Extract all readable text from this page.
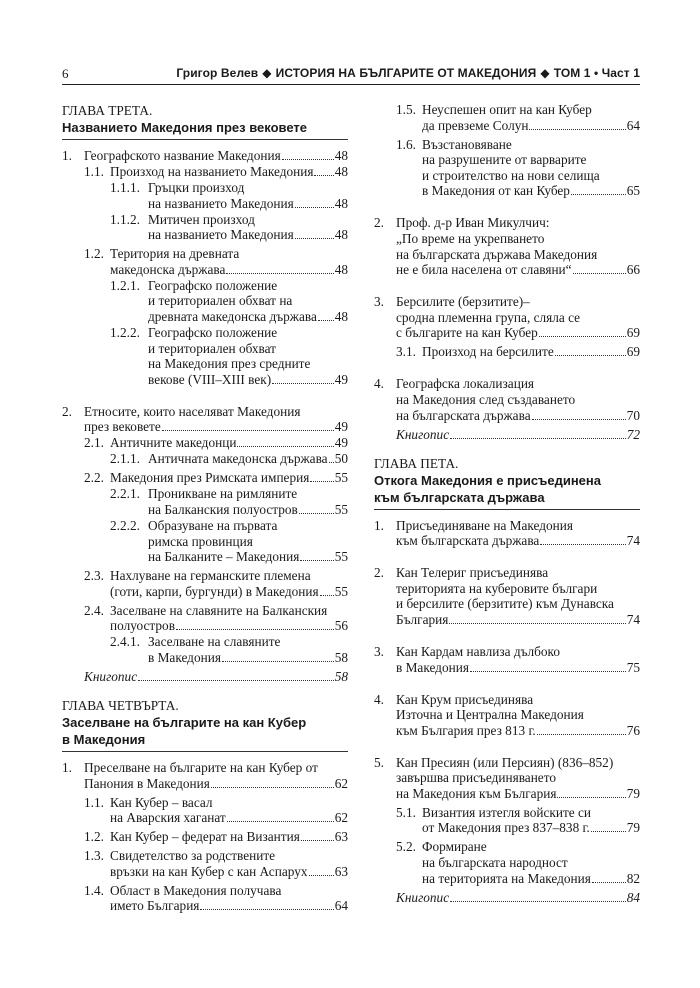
6	Григор Велев ◆ ИСТОРИЯ НА БЪЛГАРИТЕ ОТ МАКЕДОНИЯ ◆ ТОМ 1 • Част 1
ГЛАВА ТРЕТА.
Названието Македония през вековете
1. Географското название Македония	48
1.1. Произход на названието Македония 48
1.1.1. Гръцки произход
на названието Македония	48
1.1.2. Митичен произход
на названието Македония	48
1.2. Територия на древната
македонска държава	48
1.2.1. Географско положение
и териториален обхват на
древната македонска държава 48
1.2.2. Географско положение
и териториален обхват
на Македония през средните
векове (VIII–XIII век)	49
2. Етносите, които населяват Македония
през вековете	49
2.1. Античните македонци	49
2.1.1. Античната македонска държава 50
2.2. Македония през Римската империя 55
2.2.1. Проникване на римляните
на Балканския полуостров	55
2.2.2. Образуване на първата
римска провинция
на Балканите – Македония	55
2.3. Нахлуване на германските племена
(готи, карпи, бургунди) в Македония 55
2.4. Заселване на славяните на Балканския
полуостров	56
2.4.1. Заселване на славяните
в Македония	58
Книгопис	58
ГЛАВА ЧЕТВЪРТА.
Заселване на българите на кан Кубер
в Македония
1. Преселване на българите на кан Кубер от
Панония в Македония	62
1.1. Кан Кубер – васал
на Аварския хаганат	62
1.2. Кан Кубер – федерат на Византия	63
1.3. Свидетелство за родствените
връзки на кан Кубер с кан Аспарух 63
1.4. Област в Македония получава
името България	64
1.5. Неуспешен опит на кан Кубер
да превземе Солун	64
1.6. Възстановяване
на разрушените от варварите
и строителство на нови селища
в Македония от кан Кубер	65
2. Проф. д-р Иван Микулчич:
„По време на укрепването
на българската държава Македония
не е била населена от славяни“	66
3. Берсилите (берзитите)–
сродна племенна група, сляла се
с българите на кан Кубер	69
3.1. Произход на берсилите	69
4. Географска локализация
на Македония след създаването
на българската държава	70
Книгопис	72
ГЛАВА ПЕТА.
Откога Македония е присъединена
към българската държава
1. Присъединяване на Македония
към българската държава	74
2. Кан Телериг присъединява
територията на куберовите българи
и берсилите (берзитите) към Дунавска
България	74
3. Кан Кардам навлиза дълбоко
в Македония	75
4. Кан Крум присъединява
Източна и Централна Македония
към България през 813 г.	76
5. Кан Пресиян (или Персиян) (836–852)
завършва присъединяването
на Македония към България	79
5.1. Византия изтегля войските си
от Македония през 837–838 г.	79
5.2. Формиране
на българската народност
на територията на Македония	82
Книгопис	84
